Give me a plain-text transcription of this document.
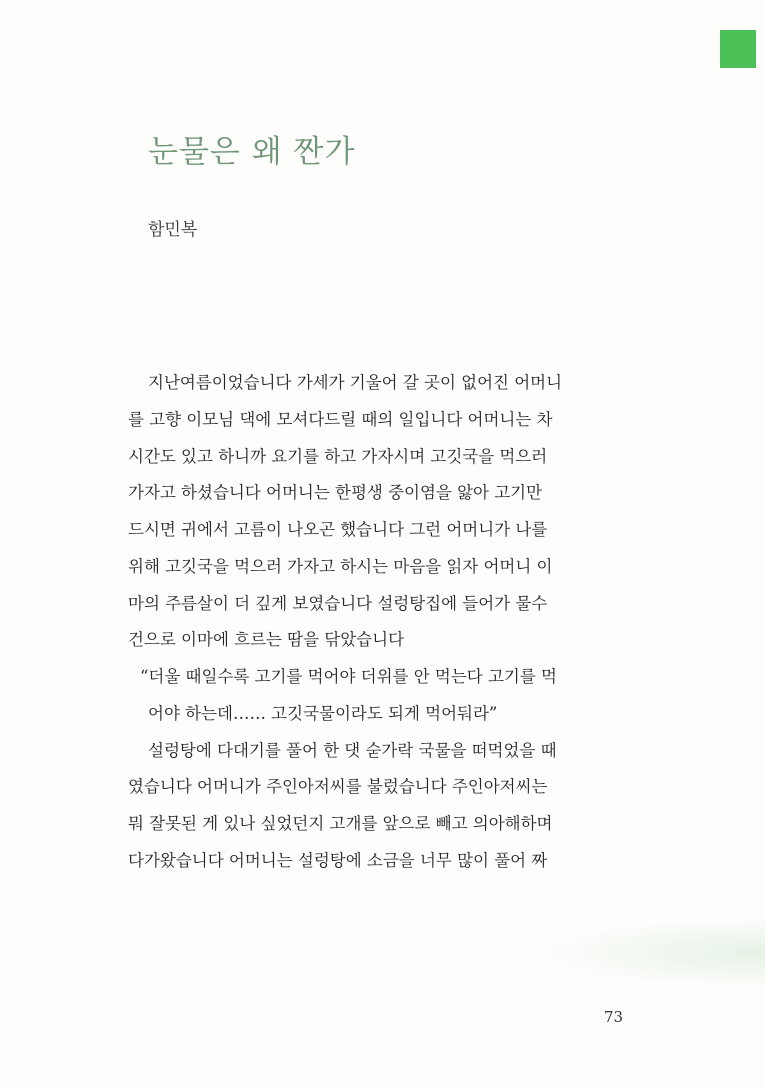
눈물은 왜 짠가
함민복
지난여름이었습니다 가세가 기울어 갈 곳이 없어진 어머니
를 고향 이모님 댁에 모셔다드릴 때의 일입니다 어머니는 차
시간도 있고 하니까 요기를 하고 가자시며 고깃국을 먹으러
가자고 하셨습니다 어머니는 한평생 중이염을 앓아 고기만
드시면 귀에서 고름이 나오곤 했습니다 그런 어머니가 나를
위해 고깃국을 먹으러 가자고 하시는 마음을 읽자 어머니 이
마의 주름살이 더 깊게 보였습니다 설렁탕집에 들어가 물수
건으로 이마에 흐르는 땀을 닦았습니다
“더울 때일수록 고기를 먹어야 더위를 안 먹는다 고기를 먹
어야 하는데…… 고깃국물이라도 되게 먹어둬라”
설렁탕에 다대기를 풀어 한 댓 숟가락 국물을 떠먹었을 때
였습니다 어머니가 주인아저씨를 불렀습니다 주인아저씨는
뭐 잘못된 게 있나 싶었던지 고개를 앞으로 빼고 의아해하며
다가왔습니다 어머니는 설렁탕에 소금을 너무 많이 풀어 짜
73
